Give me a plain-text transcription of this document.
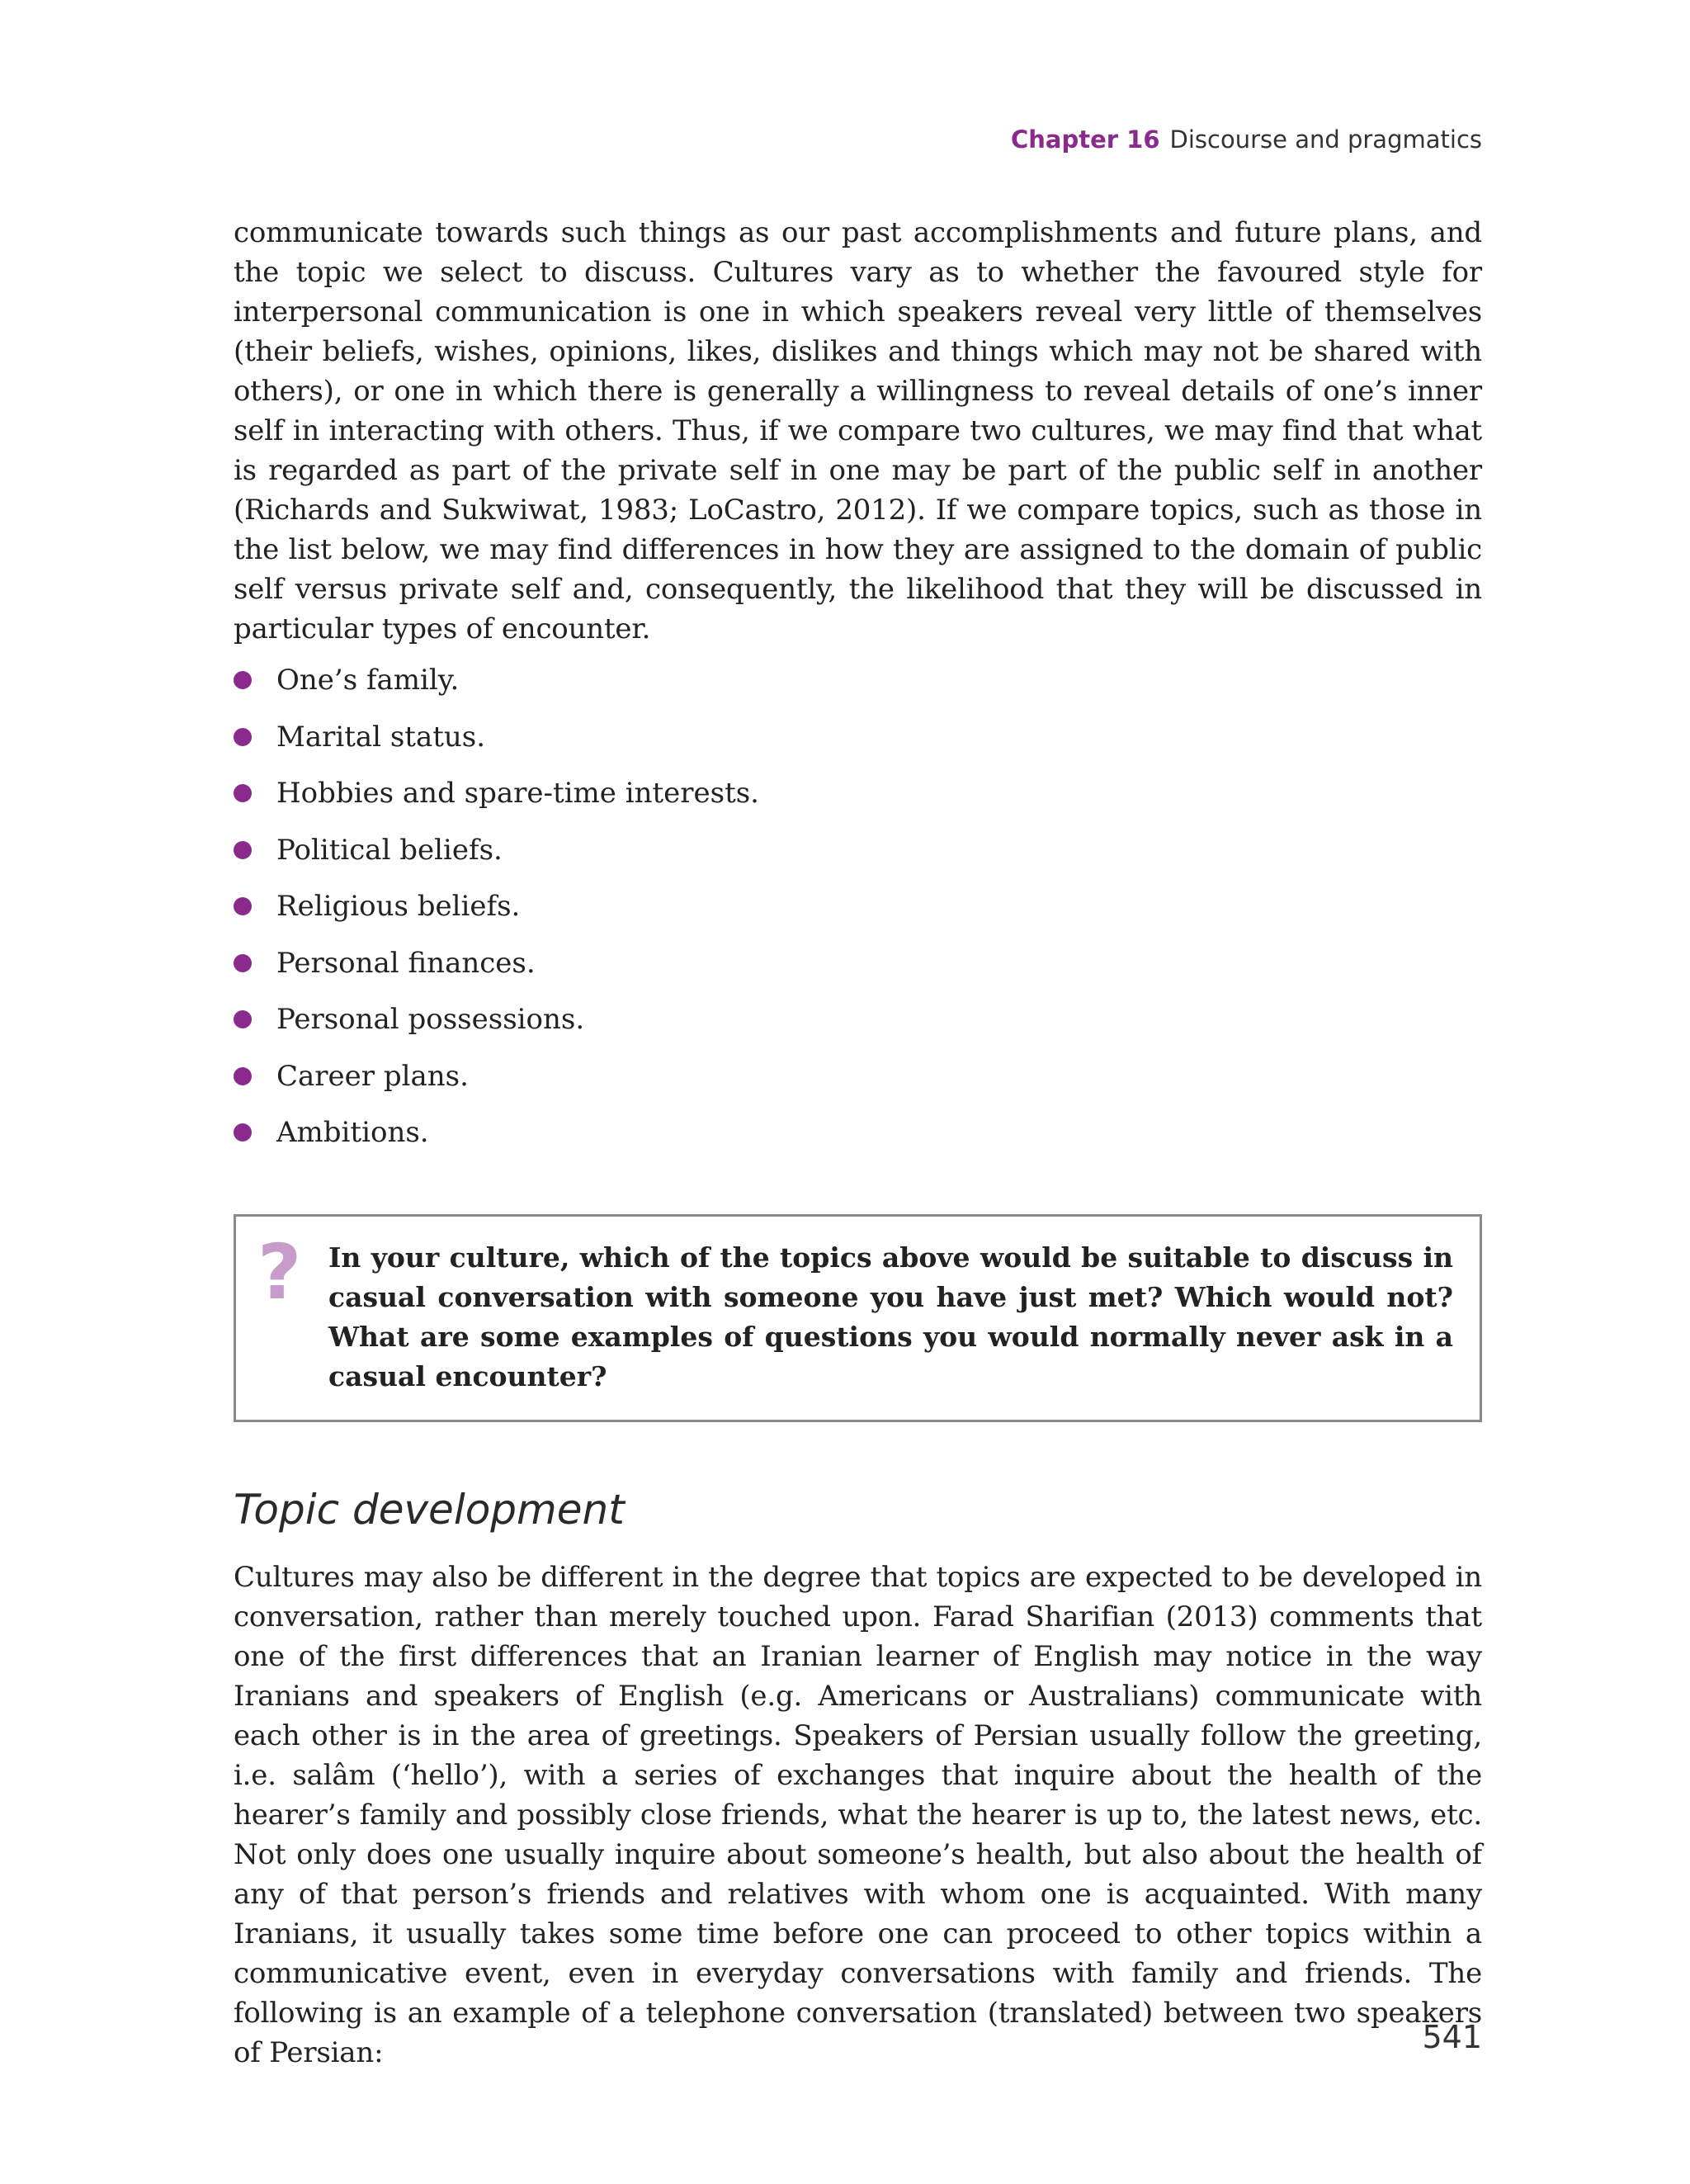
Chapter 16 Discourse and pragmatics

communicate towards such things as our past accomplishments and future plans, and the topic we select to discuss. Cultures vary as to whether the favoured style for interpersonal communication is one in which speakers reveal very little of themselves (their beliefs, wishes, opinions, likes, dislikes and things which may not be shared with others), or one in which there is generally a willingness to reveal details of one’s inner self in interacting with others. Thus, if we compare two cultures, we may find that what is regarded as part of the private self in one may be part of the public self in another (Richards and Sukwiwat, 1983; LoCastro, 2012). If we compare topics, such as those in the list below, we may find differences in how they are assigned to the domain of public self versus private self and, consequently, the likelihood that they will be discussed in particular types of encounter.

One’s family.
Marital status.
Hobbies and spare-time interests.
Political beliefs.
Religious beliefs.
Personal finances.
Personal possessions.
Career plans.
Ambitions.
? In your culture, which of the topics above would be suitable to discuss in casual conversation with someone you have just met? Which would not? What are some examples of questions you would normally never ask in a casual encounter?

Topic development

Cultures may also be different in the degree that topics are expected to be developed in conversation, rather than merely touched upon. Farad Sharifian (2013) comments that one of the first differences that an Iranian learner of English may notice in the way Iranians and speakers of English (e.g. Americans or Australians) communicate with each other is in the area of greetings. Speakers of Persian usually follow the greeting, i.e. salâm (‘hello’), with a series of exchanges that inquire about the health of the hearer’s family and possibly close friends, what the hearer is up to, the latest news, etc. Not only does one usually inquire about someone’s health, but also about the health of any of that person’s friends and relatives with whom one is acquainted. With many Iranians, it usually takes some time before one can proceed to other topics within a communicative event, even in everyday conversations with family and friends. The following is an example of a telephone conversation (translated) between two speakers of Persian:	541
